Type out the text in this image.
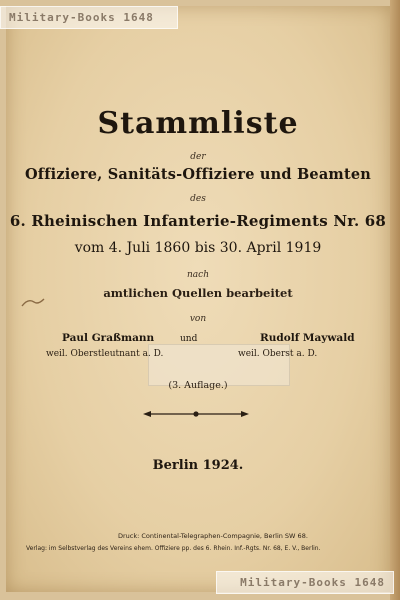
Stammliste
der
Offiziere, Sanitäts-Offiziere und Beamten
des
6. Rheinischen Infanterie-Regiments Nr. 68
vom 4. Juli 1860 bis 30. April 1919
nach
amtlichen Quellen bearbeitet
von

Paul Graßmann	und	Rudolf Maywald
weil. Oberstleutnant a. D.	weil. Oberst a. D.
(3. Auflage.)
Berlin 1924.
Druck: Continental-Telegraphen-Compagnie, Berlin SW 68.
Verlag: im Selbstverlag des Vereins ehem. Offiziere pp. des 6. Rhein. Inf.-Rgts. Nr. 68, E. V., Berlin.
Military-Books 1648
Military-Books 1648
